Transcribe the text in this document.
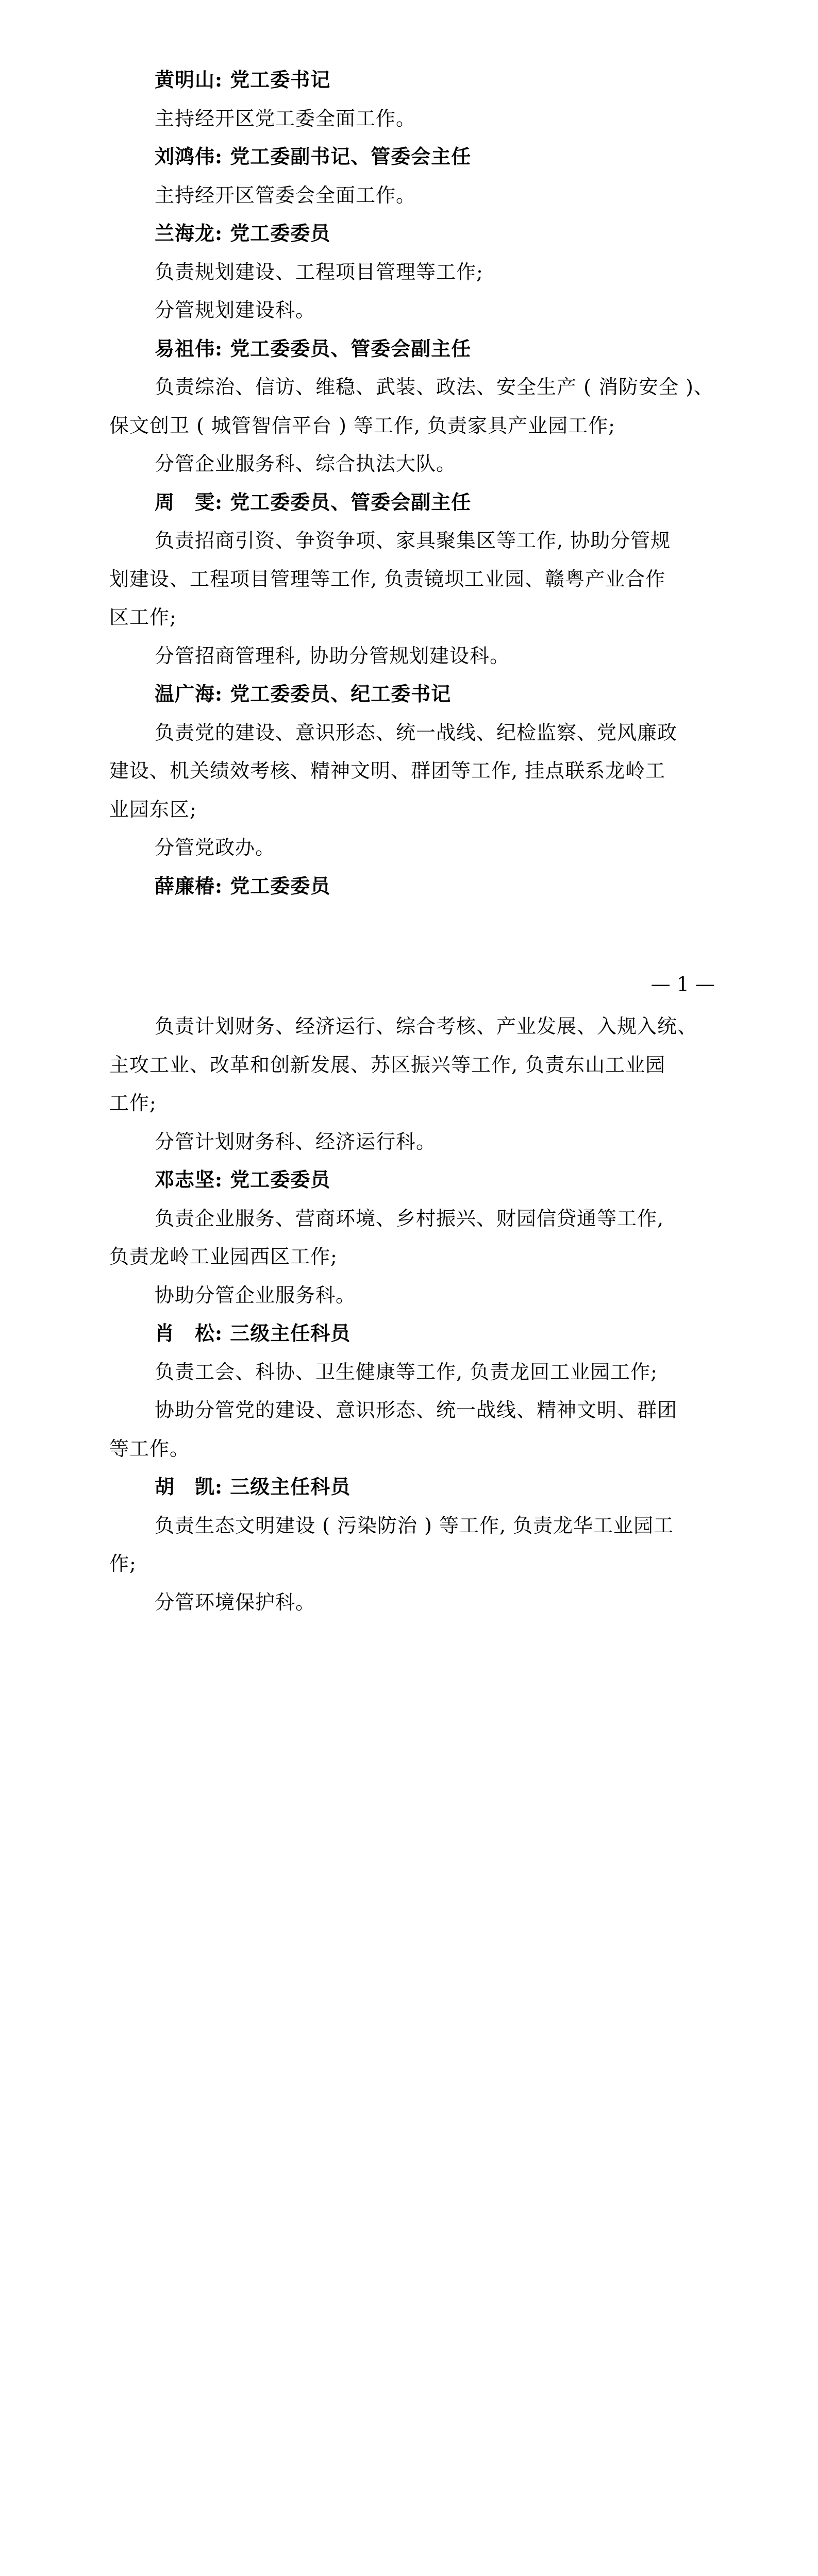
黄明山: 党工委书记
主持经开区党工委全面工作。
刘鸿伟: 党工委副书记、管委会主任
主持经开区管委会全面工作。
兰海龙: 党工委委员
负责规划建设、工程项目管理等工作;
分管规划建设科。
易祖伟: 党工委委员、管委会副主任
负责综治、信访、维稳、武装、政法、安全生产 ( 消防安全 )、
保文创卫 ( 城管智信平台 ) 等工作, 负责家具产业园工作;
分管企业服务科、综合执法大队。
周　雯: 党工委委员、管委会副主任
负责招商引资、争资争项、家具聚集区等工作, 协助分管规
划建设、工程项目管理等工作, 负责镜坝工业园、赣粤产业合作
区工作;
分管招商管理科, 协助分管规划建设科。
温广海: 党工委委员、纪工委书记
负责党的建设、意识形态、统一战线、纪检监察、党风廉政
建设、机关绩效考核、精神文明、群团等工作, 挂点联系龙岭工
业园东区;
分管党政办。
薛廉椿: 党工委委员
— 1 —
负责计划财务、经济运行、综合考核、产业发展、入规入统、
主攻工业、改革和创新发展、苏区振兴等工作, 负责东山工业园
工作;
分管计划财务科、经济运行科。
邓志坚: 党工委委员
负责企业服务、营商环境、乡村振兴、财园信贷通等工作,
负责龙岭工业园西区工作;
协助分管企业服务科。
肖　松: 三级主任科员
负责工会、科协、卫生健康等工作, 负责龙回工业园工作;
协助分管党的建设、意识形态、统一战线、精神文明、群团
等工作。
胡　凯: 三级主任科员
负责生态文明建设 ( 污染防治 ) 等工作, 负责龙华工业园工
作;
分管环境保护科。
